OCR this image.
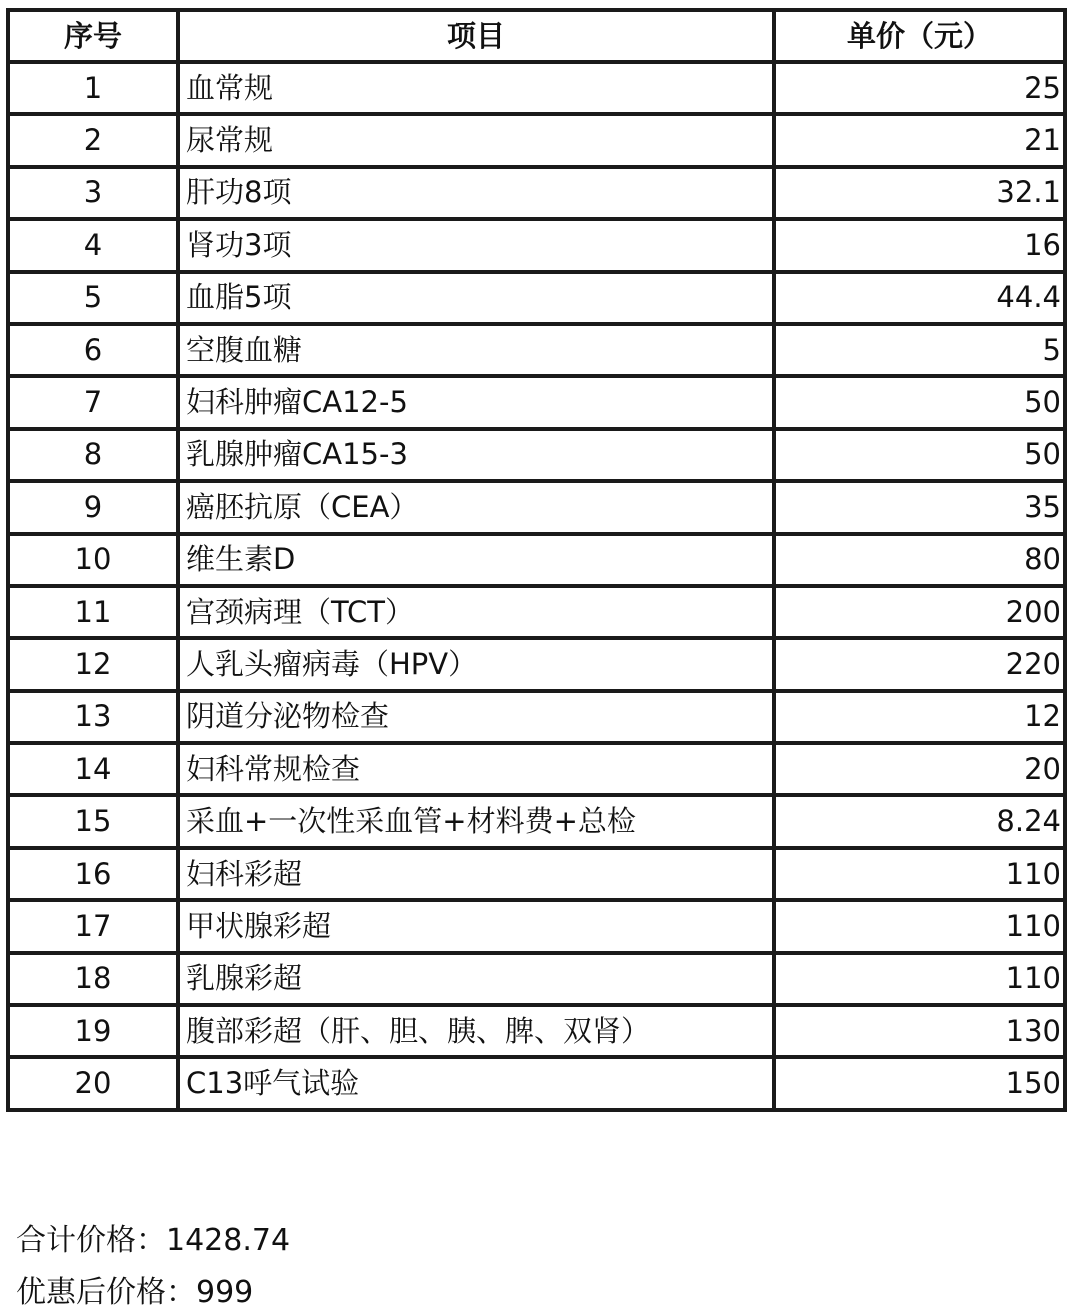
序号	项目	单价（元）
1	血常规	25
2	尿常规	21
3	肝功8项	32.1
4	肾功3项	16
5	血脂5项	44.4
6	空腹血糖	5
7	妇科肿瘤CA12-5	50
8	乳腺肿瘤CA15-3	50
9	癌胚抗原（CEA）	35
10	维生素D	80
11	宫颈病理（TCT）	200
12	人乳头瘤病毒（HPV）	220
13	阴道分泌物检查	12
14	妇科常规检查	20
15	采血+一次性采血管+材料费+总检	8.24
16	妇科彩超	110
17	甲状腺彩超	110
18	乳腺彩超	110
19	腹部彩超（肝、胆、胰、脾、双肾）	130
20	C13呼气试验	150
合计价格：1428.74
优惠后价格：999
